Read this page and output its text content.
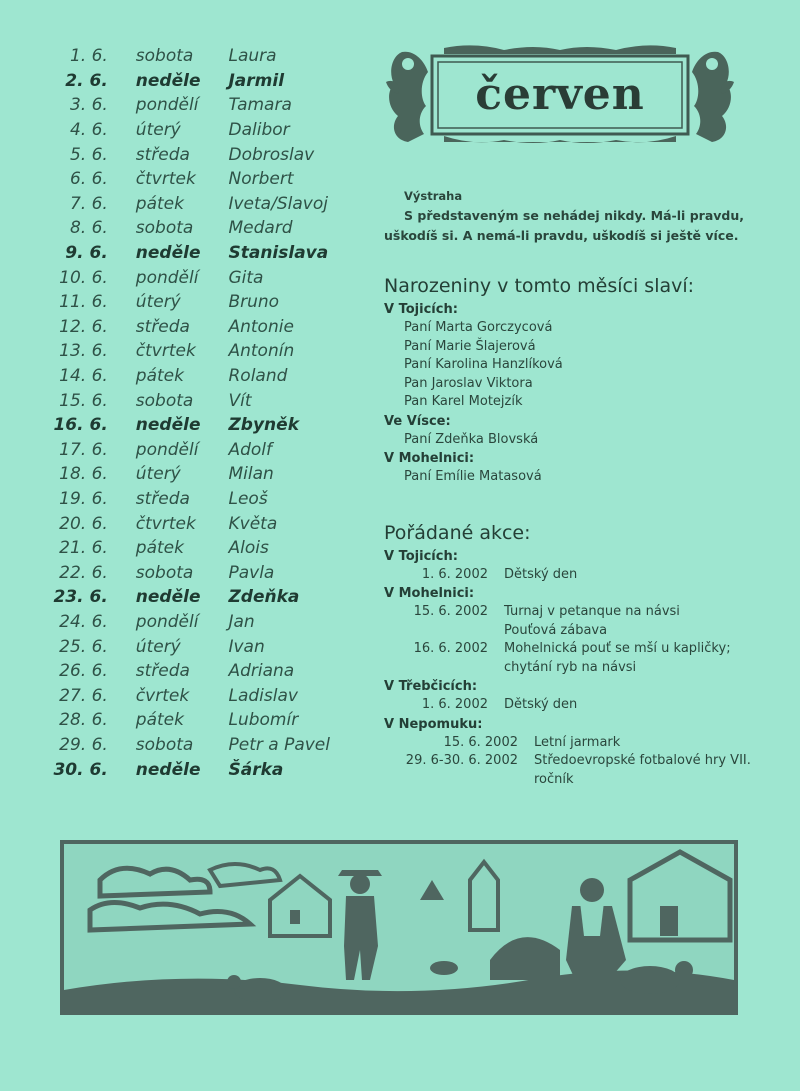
1. 6.	sobota	Laura
2. 6.	neděle	Jarmil
3. 6.	pondělí	Tamara
4. 6.	úterý	Dalibor
5. 6.	středa	Dobroslav
6. 6.	čtvrtek	Norbert
7. 6.	pátek	Iveta/Slavoj
8. 6.	sobota	Medard
9. 6.	neděle	Stanislava
10. 6.	pondělí	Gita
11. 6.	úterý	Bruno
12. 6.	středa	Antonie
13. 6.	čtvrtek	Antonín
14. 6.	pátek	Roland
15. 6.	sobota	Vít
16. 6.	neděle	Zbyněk
17. 6.	pondělí	Adolf
18. 6.	úterý	Milan
19. 6.	středa	Leoš
20. 6.	čtvrtek	Květa
21. 6.	pátek	Alois
22. 6.	sobota	Pavla
23. 6.	neděle	Zdeňka
24. 6.	pondělí	Jan
25. 6.	úterý	Ivan
26. 6.	středa	Adriana
27. 6.	čvrtek	Ladislav
28. 6.	pátek	Lubomír
29. 6.	sobota	Petr a Pavel
30. 6.	neděle	Šárka
červen
Výstraha
S představeným se nehádej nikdy. Má-li pravdu, uškodíš si. A nemá-li pravdu, uškodíš si ještě více.
Narozeniny v tomto měsíci slaví:
V Tojicích:
Paní Marta Gorczycová
Paní Marie Šlajerová
Paní Karolina Hanzlíková
Pan Jaroslav Viktora
Pan Karel Motejzík
Ve Vísce:
Paní Zdeňka Blovská
V Mohelnici:
Paní Emílie Matasová
Pořádané akce:
V Tojicích:
1. 6. 2002	Dětský den
V Mohelnici:
15. 6. 2002	Turnaj v petanque na návsi
Pouťová zábava
16. 6. 2002	Mohelnická pouť se mší u kapličky; chytání ryb na návsi
V Třebčicích:
1. 6. 2002	Dětský den
V Nepomuku:
15. 6. 2002	Letní jarmark
29. 6-30. 6. 2002	Středoevropské fotbalové hry VII. ročník
